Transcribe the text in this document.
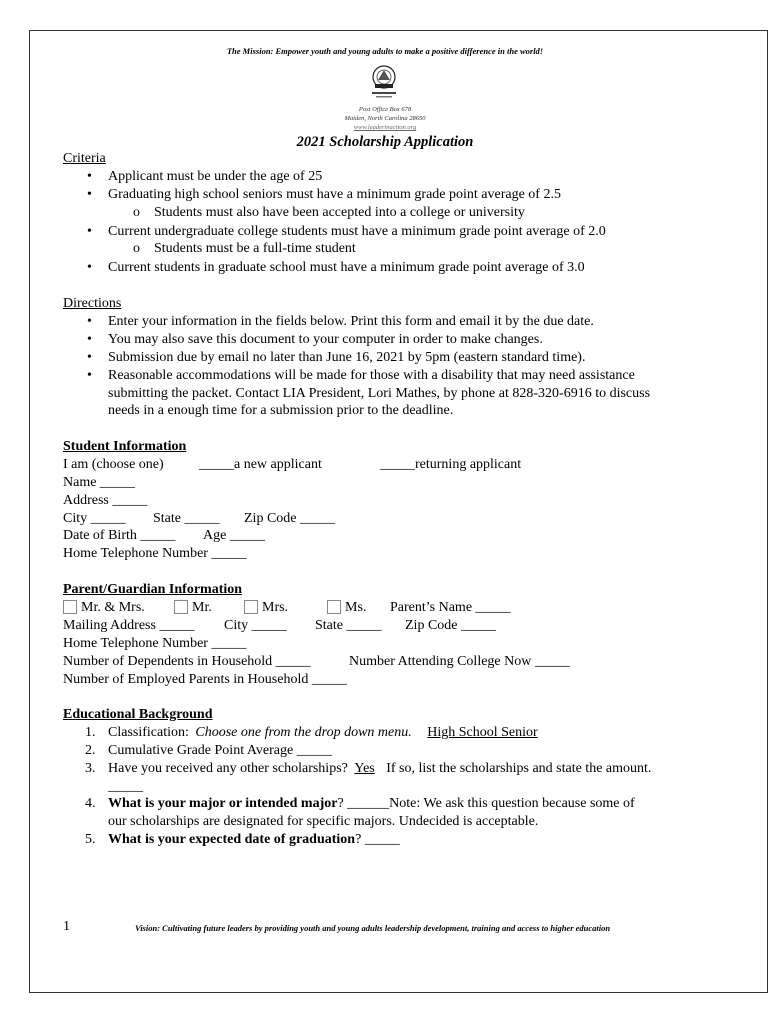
The Mission: Empower youth and young adults to make a positive difference in the world!
Post Office Box 678
Maiden, North Carolina 28650
www.leaderinaction.org
2021 Scholarship Application
Criteria
• Applicant must be under the age of 25
• Graduating high school seniors must have a minimum grade point average of 2.5
o Students must also have been accepted into a college or university
• Current undergraduate college students must have a minimum grade point average of 2.0
o Students must be a full-time student
• Current students in graduate school must have a minimum grade point average of 3.0
Directions
• Enter your information in the fields below. Print this form and email it by the due date.
• You may also save this document to your computer in order to make changes.
• Submission due by email no later than June 16, 2021 by 5pm (eastern standard time).
• Reasonable accommodations will be made for those with a disability that may need assistance
submitting the packet. Contact LIA President, Lori Mathes, by phone at 828-320-6916 to discuss
needs in a enough time for a submission prior to the deadline.
Student Information
I am (choose one)	_____a new applicant	_____returning applicant
Name _____
Address _____
City _____ State _____ Zip Code _____
Date of Birth _____ Age _____
Home Telephone Number _____
Parent/Guardian Information
Mr. & Mrs.	Mr.	Mrs.	Ms. Parent’s Name _____
Mailing Address _____ City _____ State _____ Zip Code _____
Home Telephone Number _____
Number of Dependents in Household _____	Number Attending College Now _____
Number of Employed Parents in Household _____
Educational Background
1. Classification: Choose one from the drop down menu. High School Senior
2. Cumulative Grade Point Average _____
3. Have you received any other scholarships? Yes If so, list the scholarships and state the amount.
_____
4. What is your major or intended major? ______Note: We ask this question because some of
our scholarships are designated for specific majors. Undecided is acceptable.
5. What is your expected date of graduation? _____
1	Vision: Cultivating future leaders by providing youth and young adults leadership development, training and access to higher education
